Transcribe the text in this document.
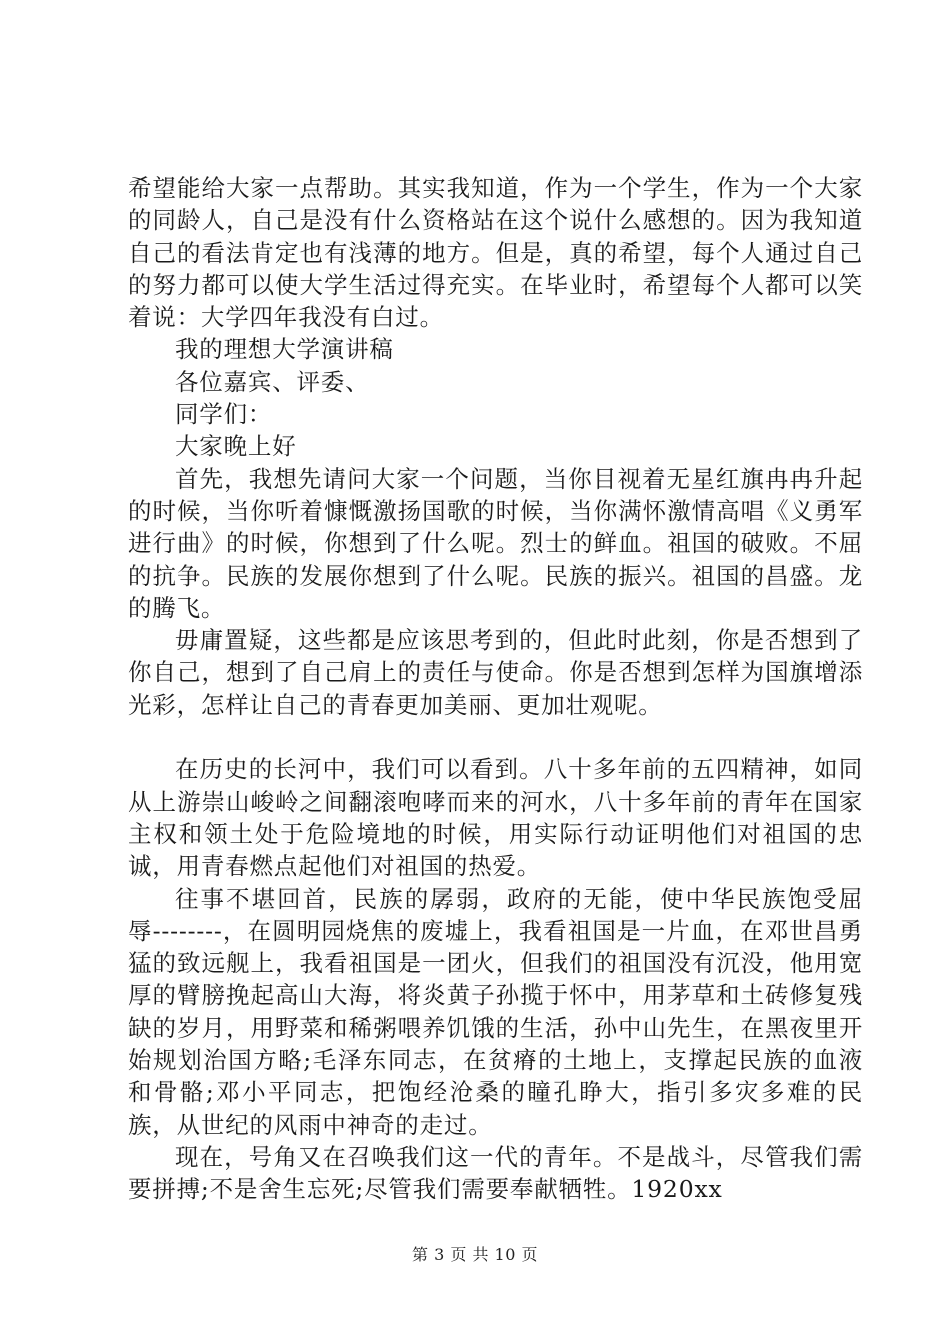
希望能给大家一点帮助。其实我知道，作为一个学生，作为一个大家的同龄人，自己是没有什么资格站在这个说什么感想的。因为我知道自己的看法肯定也有浅薄的地方。但是，真的希望，每个人通过自己的努力都可以使大学生活过得充实。在毕业时，希望每个人都可以笑着说：大学四年我没有白过。

我的理想大学演讲稿

各位嘉宾、评委、

同学们：

大家晚上好

首先，我想先请问大家一个问题，当你目视着无星红旗冉冉升起的时候，当你听着慷慨激扬国歌的时候，当你满怀激情高唱《义勇军进行曲》的时候，你想到了什么呢。烈士的鲜血。祖国的破败。不屈的抗争。民族的发展你想到了什么呢。民族的振兴。祖国的昌盛。龙的腾飞。

毋庸置疑，这些都是应该思考到的，但此时此刻，你是否想到了你自己，想到了自己肩上的责任与使命。你是否想到怎样为国旗增添光彩，怎样让自己的青春更加美丽、更加壮观呢。

在历史的长河中，我们可以看到。八十多年前的五四精神，如同从上游崇山峻岭之间翻滚咆哮而来的河水，八十多年前的青年在国家主权和领土处于危险境地的时候，用实际行动证明他们对祖国的忠诚，用青春燃点起他们对祖国的热爱。

往事不堪回首，民族的孱弱，政府的无能，使中华民族饱受屈辱--------，在圆明园烧焦的废墟上，我看祖国是一片血，在邓世昌勇猛的致远舰上，我看祖国是一团火，但我们的祖国没有沉没，他用宽厚的臂膀挽起高山大海，将炎黄子孙揽于怀中，用茅草和土砖修复残缺的岁月，用野菜和稀粥喂养饥饿的生活，孙中山先生，在黑夜里开始规划治国方略;毛泽东同志，在贫瘠的土地上，支撑起民族的血液和骨骼;邓小平同志，把饱经沧桑的瞳孔睁大，指引多灾多难的民族，从世纪的风雨中神奇的走过。

现在，号角又在召唤我们这一代的青年。不是战斗，尽管我们需要拼搏;不是舍生忘死;尽管我们需要奉献牺牲。1920xx

第 3 页 共 10 页
